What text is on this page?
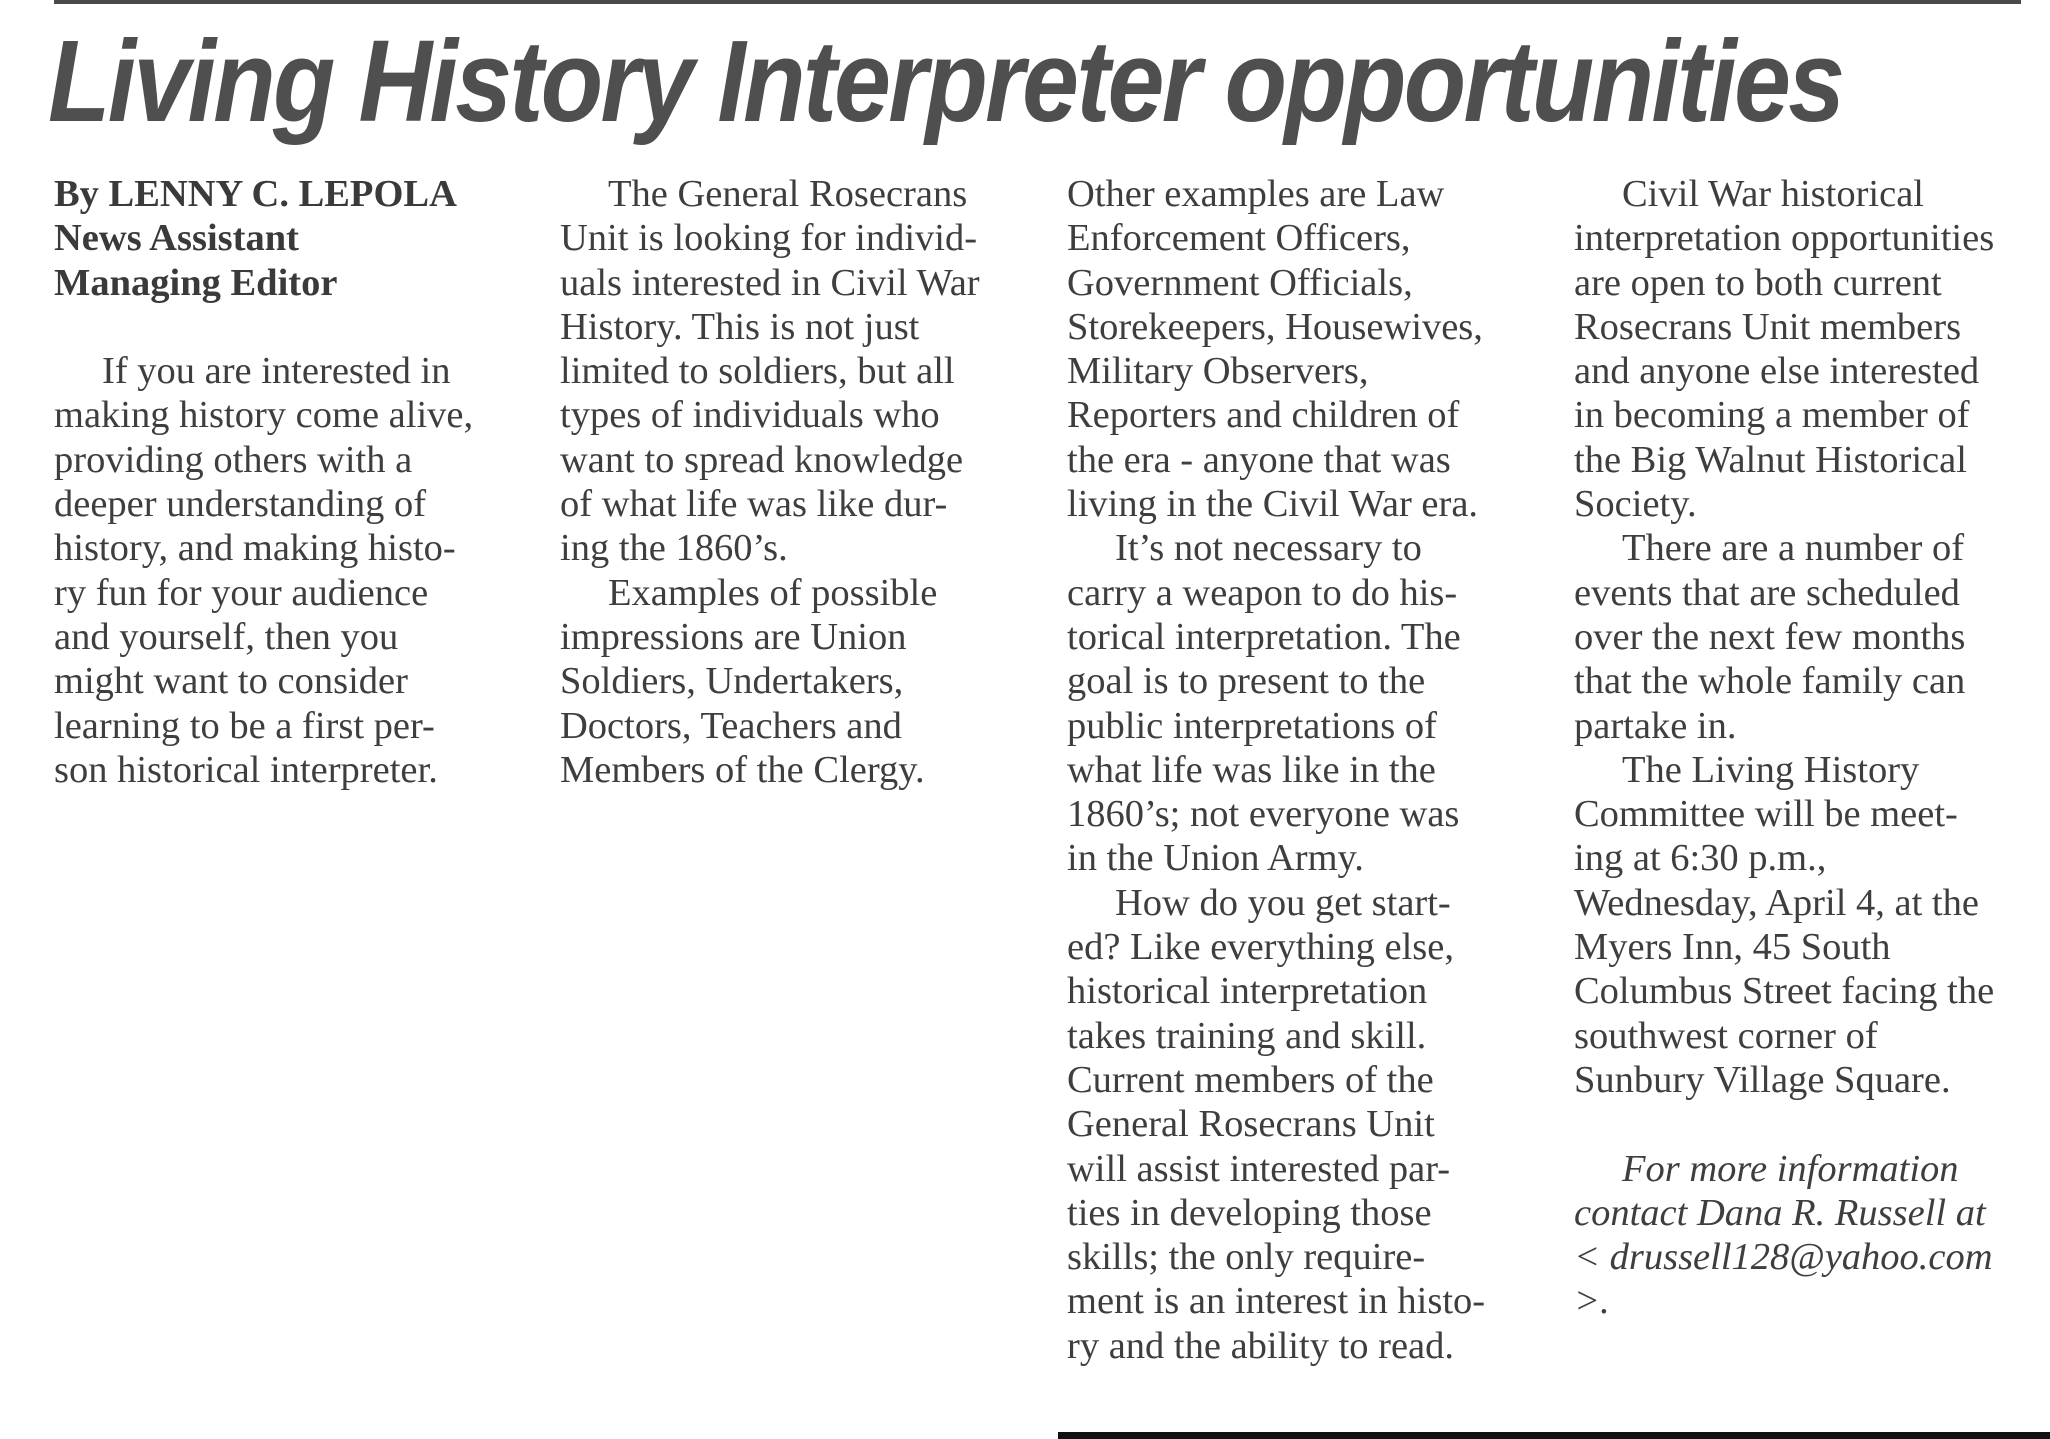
Living History Interpreter opportunities

By LENNY C. LEPOLA

News Assistant

Managing Editor

If you are interested in

making history come alive,

providing others with a

deeper understanding of

history, and making histo-

ry fun for your audience

and yourself, then you

might want to consider

learning to be a first per-

son historical interpreter.

The General Rosecrans

Unit is looking for individ-

uals interested in Civil War

History. This is not just

limited to soldiers, but all

types of individuals who

want to spread knowledge

of what life was like dur-

ing the 1860’s.

Examples of possible

impressions are Union

Soldiers, Undertakers,

Doctors, Teachers and

Members of the Clergy.

Other examples are Law

Enforcement Officers,

Government Officials,

Storekeepers, Housewives,

Military Observers,

Reporters and children of

the era - anyone that was

living in the Civil War era.

It’s not necessary to

carry a weapon to do his-

torical interpretation. The

goal is to present to the

public interpretations of

what life was like in the

1860’s; not everyone was

in the Union Army.

How do you get start-

ed? Like everything else,

historical interpretation

takes training and skill.

Current members of the

General Rosecrans Unit

will assist interested par-

ties in developing those

skills; the only require-

ment is an interest in histo-

ry and the ability to read.

Civil War historical

interpretation opportunities

are open to both current

Rosecrans Unit members

and anyone else interested

in becoming a member of

the Big Walnut Historical

Society.

There are a number of

events that are scheduled

over the next few months

that the whole family can

partake in.

The Living History

Committee will be meet-

ing at 6:30 p.m.,

Wednesday, April 4, at the

Myers Inn, 45 South

Columbus Street facing the

southwest corner of

Sunbury Village Square.

For more information

contact Dana R. Russell at

< drussell128@yahoo.com

>.
